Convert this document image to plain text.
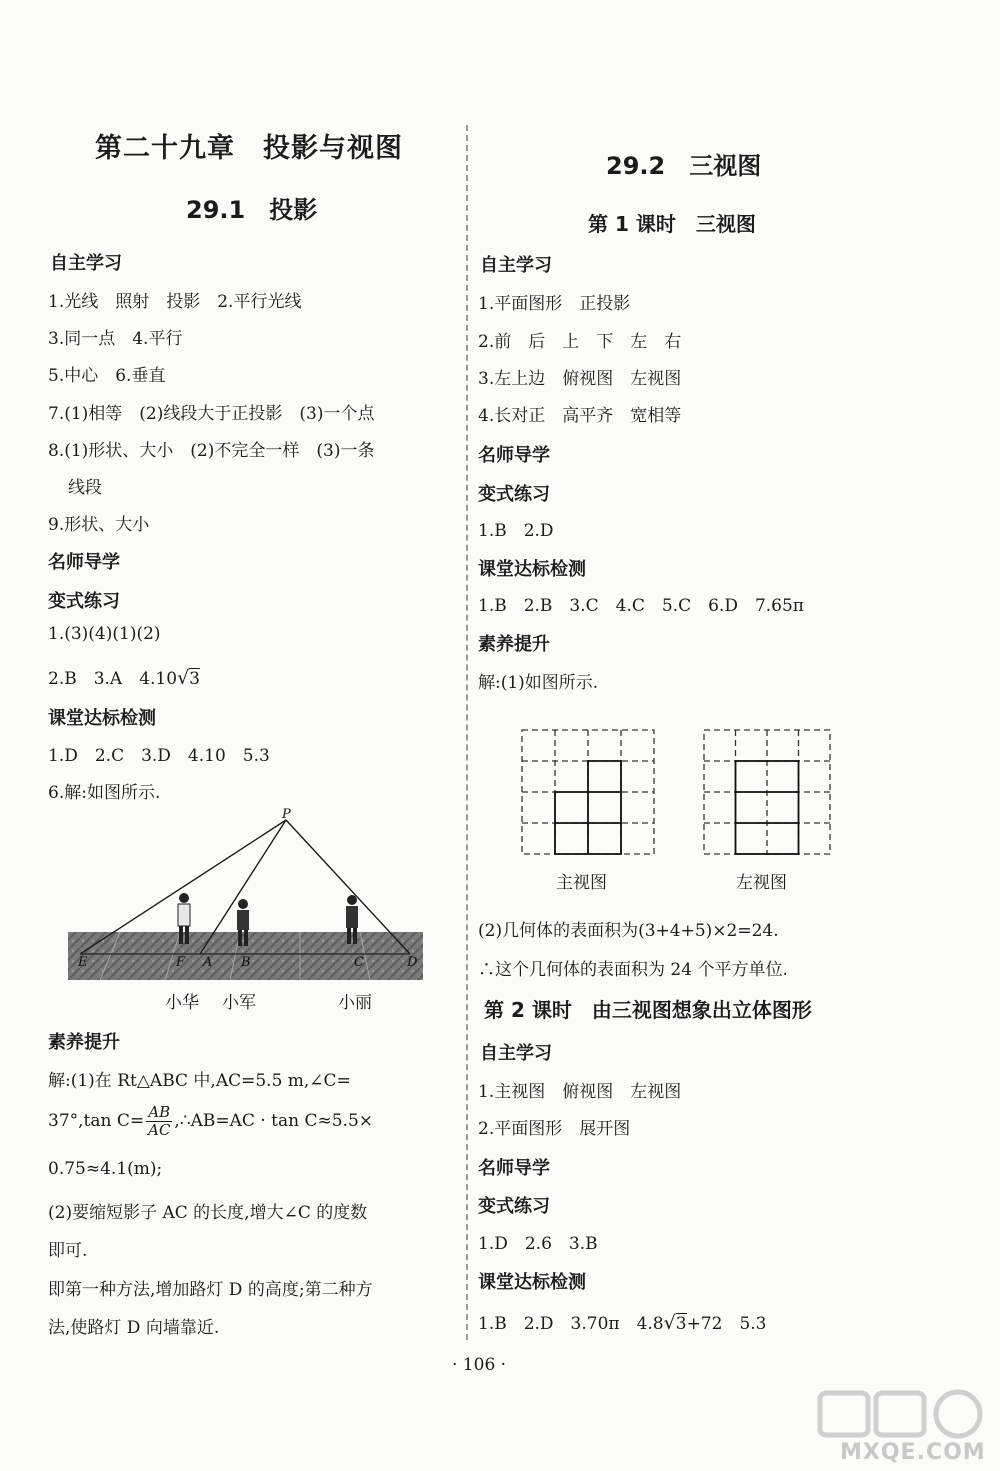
第二十九章　投影与视图
29.1　投影
自主学习
1.光线　照射　投影　2.平行光线
3.同一点　4.平行
5.中心　6.垂直
7.(1)相等　(2)线段大于正投影　(3)一个点
8.(1)形状、大小　(2)不完全一样　(3)一条
线段
9.形状、大小
名师导学
变式练习
1.(3)(4)(1)(2)
2.B　3.A　4.10√3
课堂达标检测
1.D　2.C　3.D　4.10　5.3
6.解:如图所示.
P
E	F A B	C	D
小华 小军	小丽
素养提升
解:(1)在 Rt△ABC 中,AC=5.5 m,∠C=
37°,tan $C= \frac{AB}{AC}$ ,∴AB=AC · tan C≈5.5×
0.75≈4.1(m);
(2)要缩短影子 AC 的长度,增大∠C 的度数
即可.
即第一种方法,增加路灯 D 的高度;第二种方
法,使路灯 D 向墙靠近.
29.2　三视图
第 1 课时　三视图
自主学习
1.平面图形　正投影
2.前　后　上　下　左　右
3.左上边　俯视图　左视图
4.长对正　高平齐　宽相等
名师导学
变式练习
1.B　2.D
课堂达标检测
1.B　2.B　3.C　4.C　5.C　6.D　7.65π
素养提升
解:(1)如图所示.
主视图	左视图
(2)几何体的表面积为(3+4+5)×2=24.
∴这个几何体的表面积为 24 个平方单位.
第 2 课时　由三视图想象出立体图形
自主学习
1.主视图　俯视图　左视图
2.平面图形　展开图
名师导学
变式练习
1.D　2.6　3.B
课堂达标检测
1.B　2.D　3.70π　4.8√3+72　5.3
· 106 ·
MXQE.COM
